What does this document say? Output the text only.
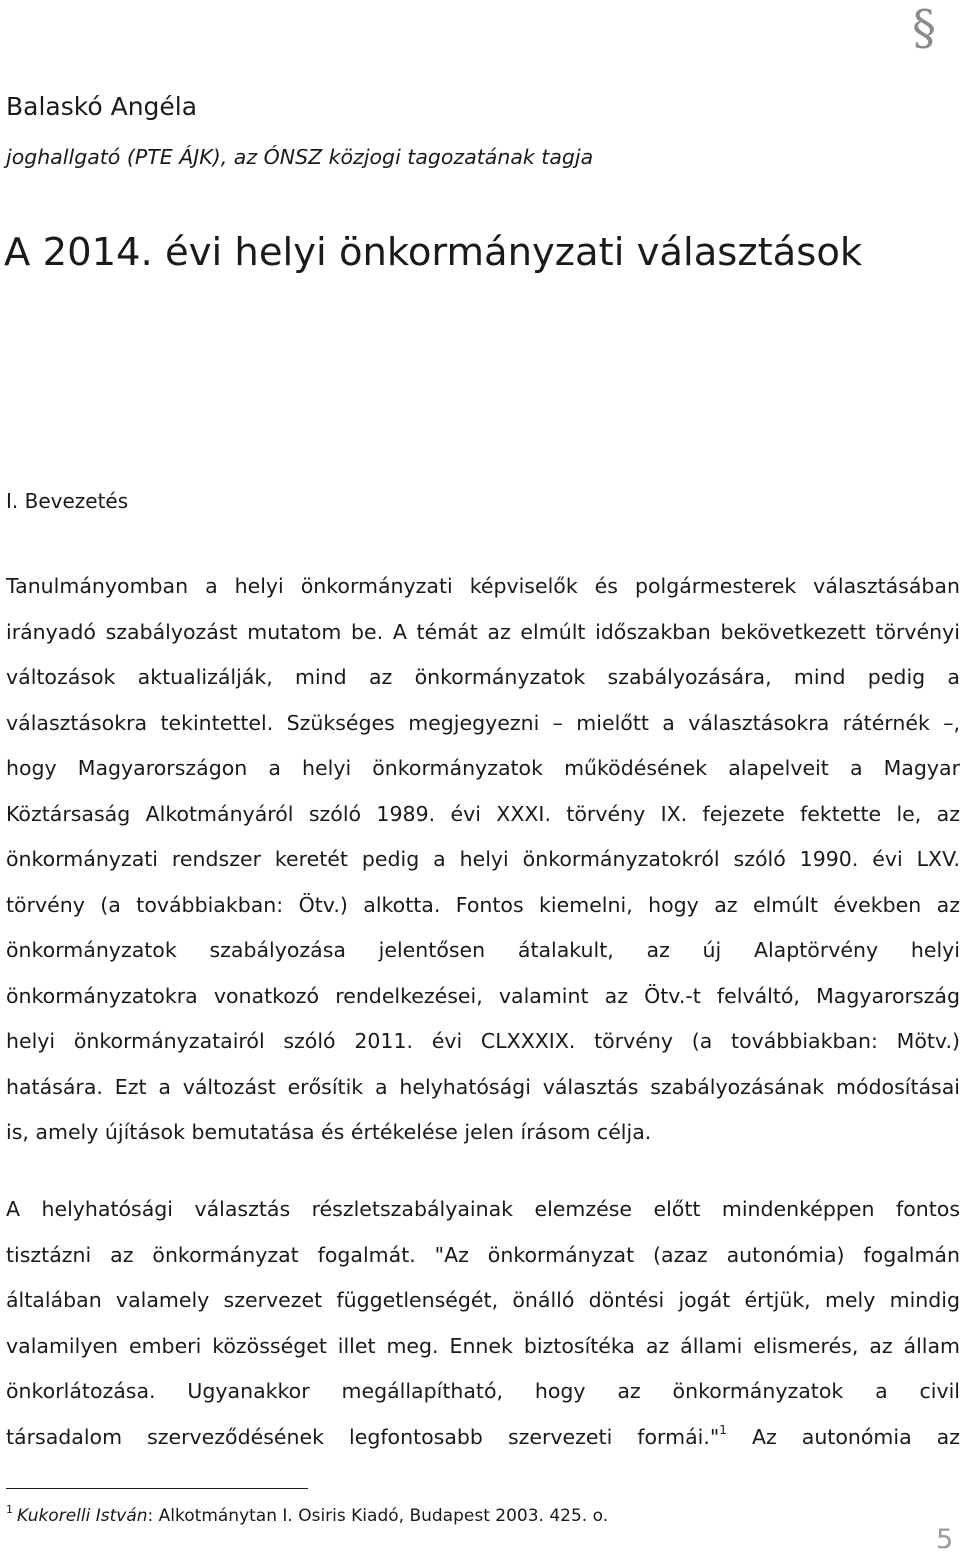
§
Balaskó Angéla
joghallgató (PTE ÁJK), az ÓNSZ közjogi tagozatának tagja
A 2014. évi helyi önkormányzati választások
I. Bevezetés
Tanulmányomban a helyi önkormányzati képviselők és polgármesterek választásában
irányadó szabályozást mutatom be. A témát az elmúlt időszakban bekövetkezett törvényi
változások aktualizálják, mind az önkormányzatok szabályozására, mind pedig a
választásokra tekintettel. Szükséges megjegyezni – mielőtt a választásokra rátérnék –,
hogy Magyarországon a helyi önkormányzatok működésének alapelveit a Magyar
Köztársaság Alkotmányáról szóló 1989. évi XXXI. törvény IX. fejezete fektette le, az
önkormányzati rendszer keretét pedig a helyi önkormányzatokról szóló 1990. évi LXV.
törvény (a továbbiakban: Ötv.) alkotta. Fontos kiemelni, hogy az elmúlt években az
önkormányzatok szabályozása jelentősen átalakult, az új Alaptörvény helyi
önkormányzatokra vonatkozó rendelkezései, valamint az Ötv.-t felváltó, Magyarország
helyi önkormányzatairól szóló 2011. évi CLXXXIX. törvény (a továbbiakban: Mötv.)
hatására. Ezt a változást erősítik a helyhatósági választás szabályozásának módosításai
is, amely újítások bemutatása és értékelése jelen írásom célja.
A helyhatósági választás részletszabályainak elemzése előtt mindenképpen fontos
tisztázni az önkormányzat fogalmát. "Az önkormányzat (azaz autonómia) fogalmán
általában valamely szervezet függetlenségét, önálló döntési jogát értjük, mely mindig
valamilyen emberi közösséget illet meg. Ennek biztosítéka az állami elismerés, az állam
önkorlátozása. Ugyanakkor megállapítható, hogy az önkormányzatok a civil
társadalom szerveződésének legfontosabb szervezeti formái."$^1$ Az autonómia az
$^1$ Kukorelli István: Alkotmánytan I. Osiris Kiadó, Budapest 2003. 425. o.
5
